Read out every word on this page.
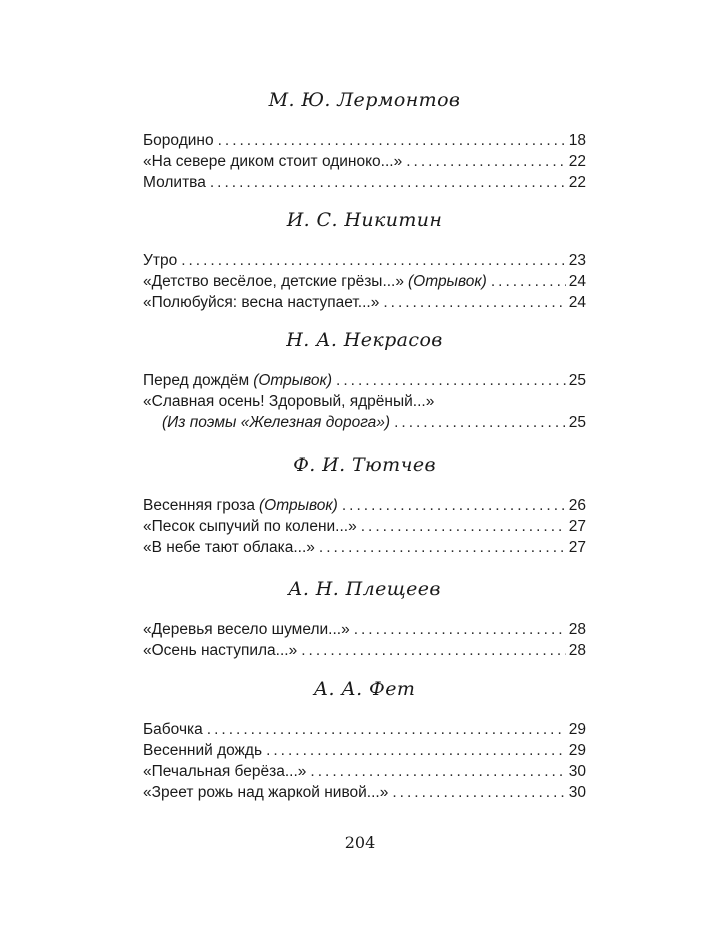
М. Ю. Лермонтов
Бородино .....	18
«На севере диком стоит одиноко...» .....	22
Молитва .....	22
И. С. Никитин
Утро .....	23
«Детство весёлое, детские грёзы...» (Отрывок) .....	24
«Полюбуйся: весна наступает...» .....	24
Н. А. Некрасов
Перед дождём (Отрывок) .....	25
«Славная осень! Здоровый, ядрёный...»
(Из поэмы «Железная дорога») .....	25
Ф. И. Тютчев
Весенняя гроза (Отрывок) .....	26
«Песок сыпучий по колени...» .....	27
«В небе тают облака...» .....	27
А. Н. Плещеев
«Деревья весело шумели...» .....	28
«Осень наступила...» .....	28
А. А. Фет
Бабочка .....	29
Весенний дождь .....	29
«Печальная берёза...» .....	30
«Зреет рожь над жаркой нивой...» .....	30
204
